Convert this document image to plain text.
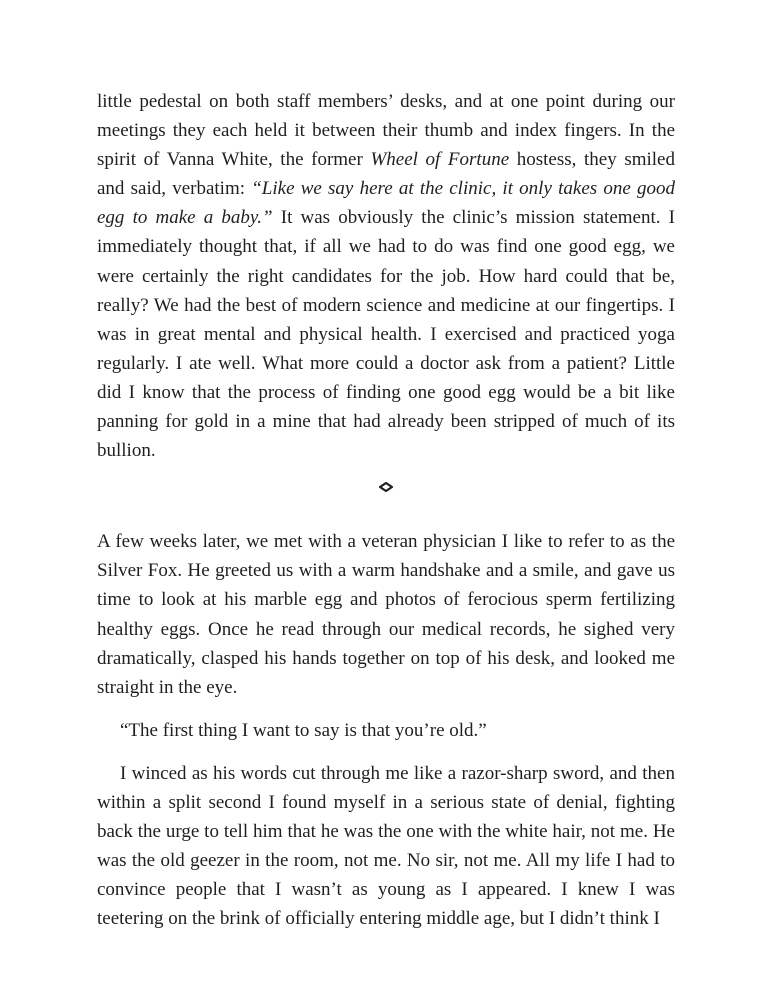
little pedestal on both staff members’ desks, and at one point during our meetings they each held it between their thumb and index fingers. In the spirit of Vanna White, the former Wheel of Fortune hostess, they smiled and said, verbatim: “Like we say here at the clinic, it only takes one good egg to make a baby.” It was obviously the clinic’s mission statement. I immediately thought that, if all we had to do was find one good egg, we were certainly the right candidates for the job. How hard could that be, really? We had the best of modern science and medicine at our fingertips. I was in great mental and physical health. I exercised and practiced yoga regularly. I ate well. What more could a doctor ask from a patient? Little did I know that the process of finding one good egg would be a bit like panning for gold in a mine that had already been stripped of much of its bullion.

A few weeks later, we met with a veteran physician I like to refer to as the Silver Fox. He greeted us with a warm handshake and a smile, and gave us time to look at his marble egg and photos of ferocious sperm fertilizing healthy eggs. Once he read through our medical records, he sighed very dramatically, clasped his hands together on top of his desk, and looked me straight in the eye.

“The first thing I want to say is that you’re old.”

I winced as his words cut through me like a razor-sharp sword, and then within a split second I found myself in a serious state of denial, fighting back the urge to tell him that he was the one with the white hair, not me. He was the old geezer in the room, not me. No sir, not me. All my life I had to convince people that I wasn’t as young as I appeared. I knew I was teetering on the brink of officially entering middle age, but I didn’t think I
